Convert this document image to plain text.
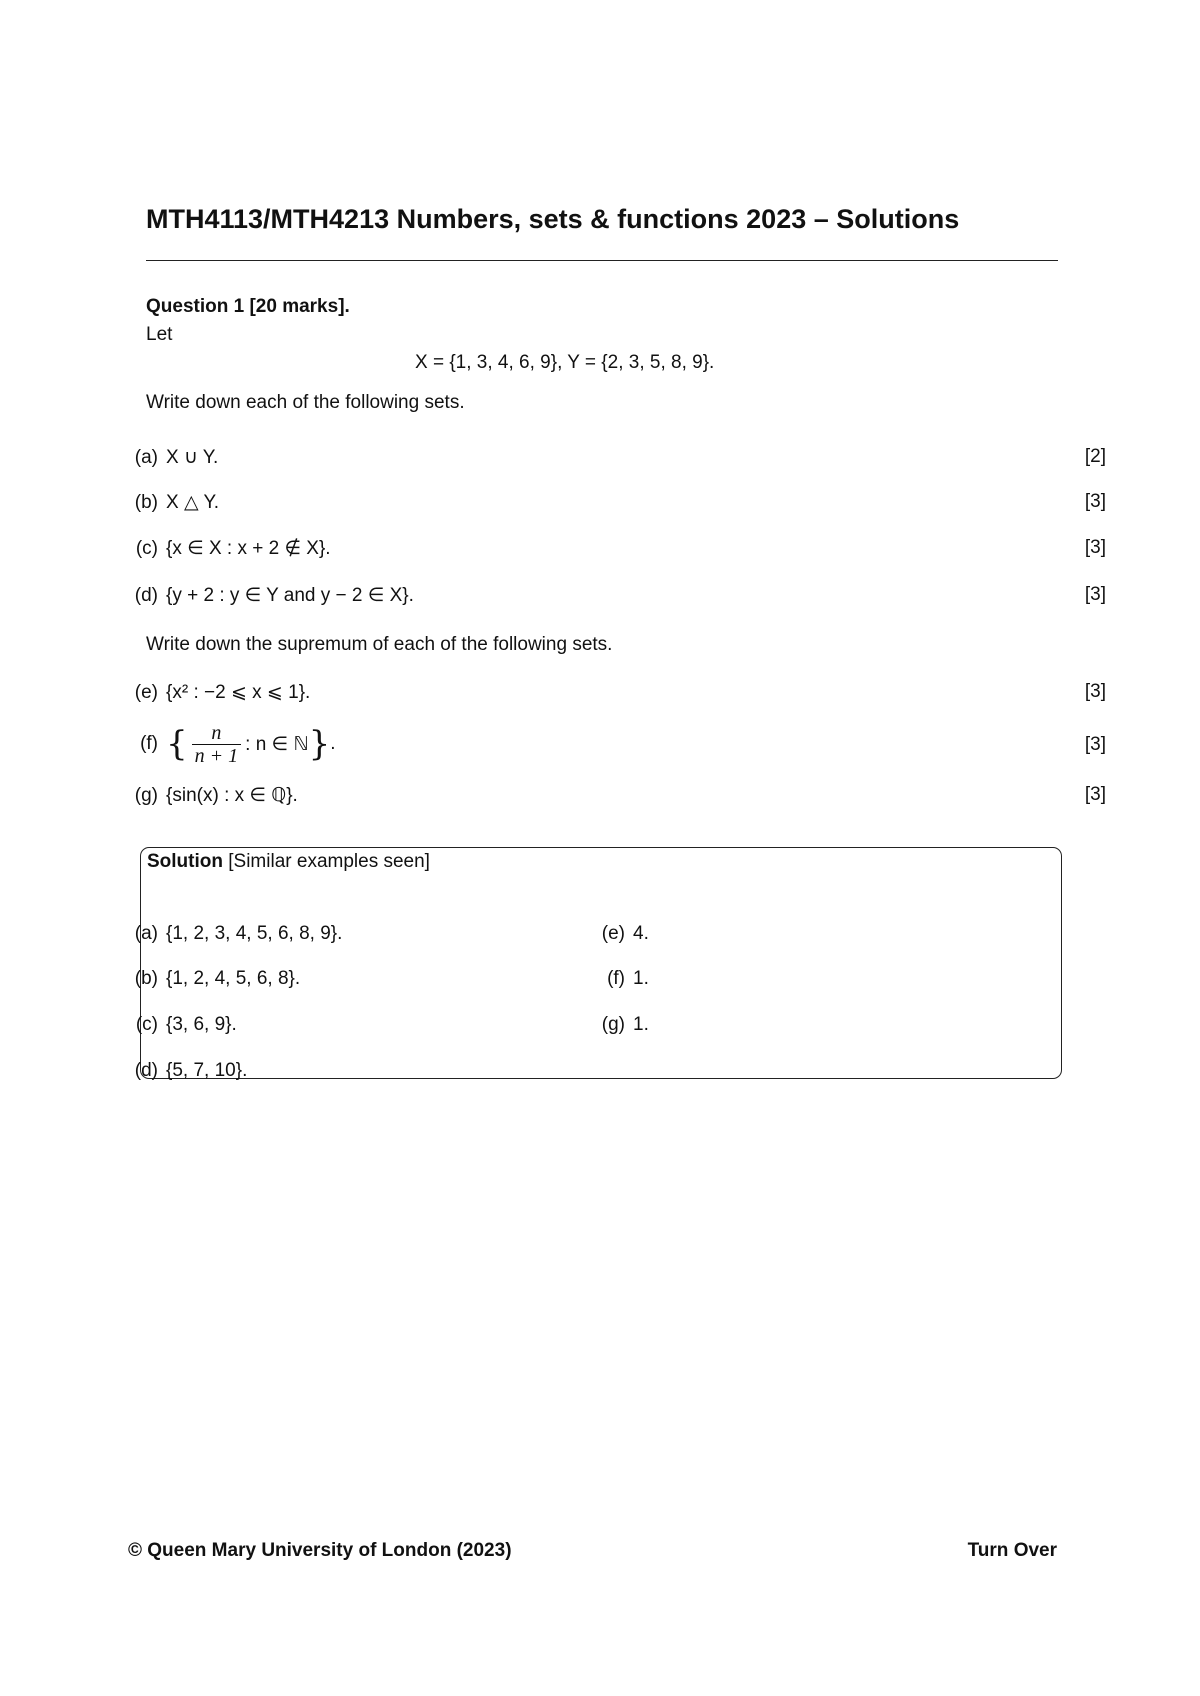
MTH4113/MTH4213 Numbers, sets & functions 2023 – Solutions
Question 1 [20 marks].
Let
X = {1, 3, 4, 6, 9}, Y = {2, 3, 5, 8, 9}.
Write down each of the following sets.
(a) X ∪ Y.	[2]
(b) X △ Y.	[3]
(c) {x ∈ X : x + 2 ∉ X}.	[3]
(d) {y + 2 : y ∈ Y and y − 2 ∈ X}.	[3]
Write down the supremum of each of the following sets.
(e) {x² : −2 ⩽ x ⩽ 1}.	[3]
(f) { $\frac{n}{n + 1}$ : n ∈ ℕ } .	[3]
(g) {sin(x) : x ∈ ℚ}.	[3]
Solution [Similar examples seen]
(a) {1, 2, 3, 4, 5, 6, 8, 9}.
(b) {1, 2, 4, 5, 6, 8}.
(c) {3, 6, 9}.
(d) {5, 7, 10}.
(e) 4.
(f) 1.
(g) 1.
© Queen Mary University of London (2023)	Turn Over
